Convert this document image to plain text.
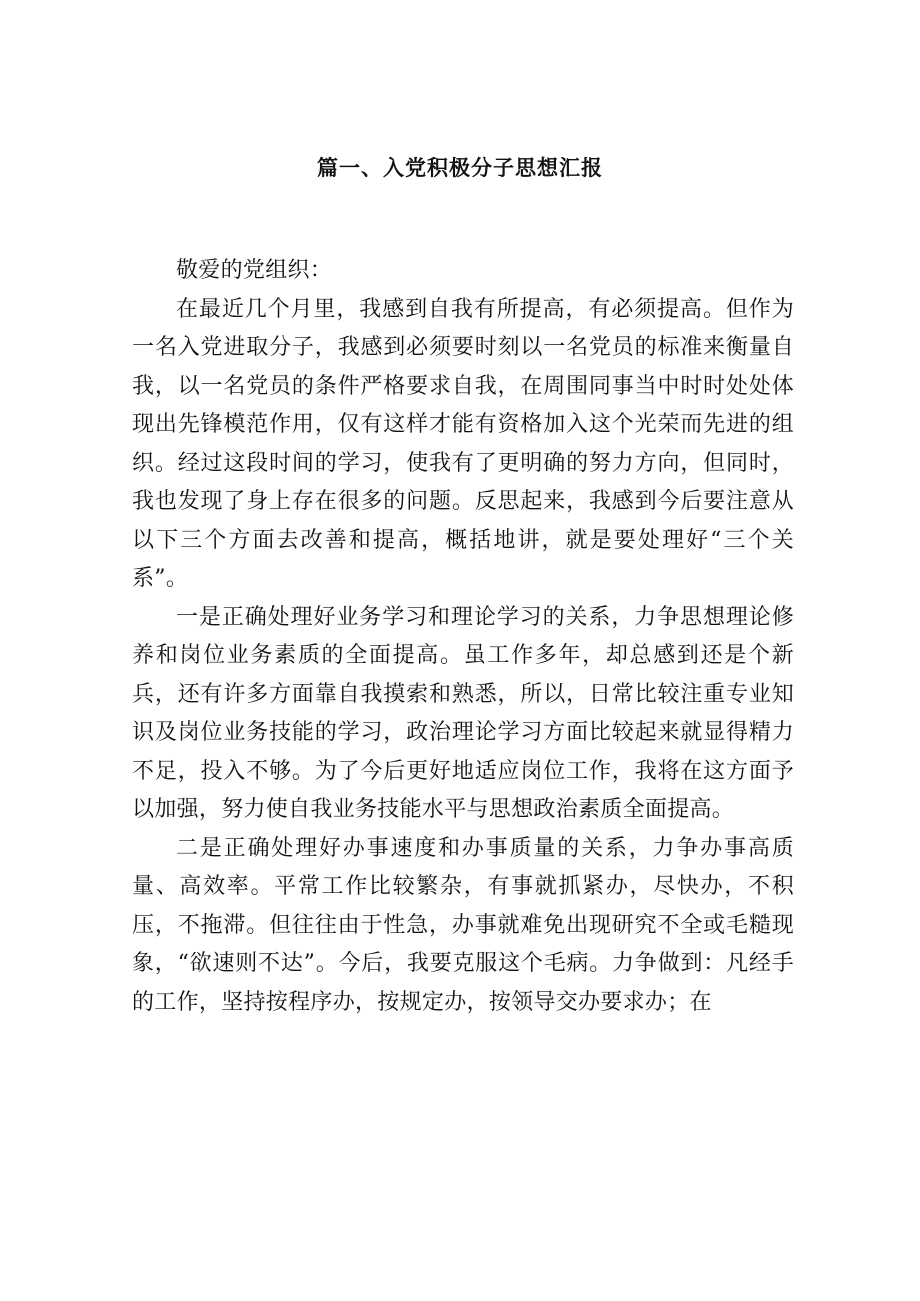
篇一、入党积极分子思想汇报

敬爱的党组织：

在最近几个月里，我感到自我有所提高，有必须提高。但作为一名入党进取分子，我感到必须要时刻以一名党员的标准来衡量自我，以一名党员的条件严格要求自我，在周围同事当中时时处处体现出先锋模范作用，仅有这样才能有资格加入这个光荣而先进的组织。经过这段时间的学习，使我有了更明确的努力方向，但同时，我也发现了身上存在很多的问题。反思起来，我感到今后要注意从以下三个方面去改善和提高，概括地讲，就是要处理好“三个关系”。

一是正确处理好业务学习和理论学习的关系，力争思想理论修养和岗位业务素质的全面提高。虽工作多年，却总感到还是个新兵，还有许多方面靠自我摸索和熟悉，所以，日常比较注重专业知识及岗位业务技能的学习，政治理论学习方面比较起来就显得精力不足，投入不够。为了今后更好地适应岗位工作，我将在这方面予以加强，努力使自我业务技能水平与思想政治素质全面提高。

二是正确处理好办事速度和办事质量的关系，力争办事高质量、高效率。平常工作比较繁杂，有事就抓紧办，尽快办，不积压，不拖滞。但往往由于性急，办事就难免出现研究不全或毛糙现象，“欲速则不达”。今后，我要克服这个毛病。力争做到：凡经手的工作，坚持按程序办，按规定办，按领导交办要求办；在
